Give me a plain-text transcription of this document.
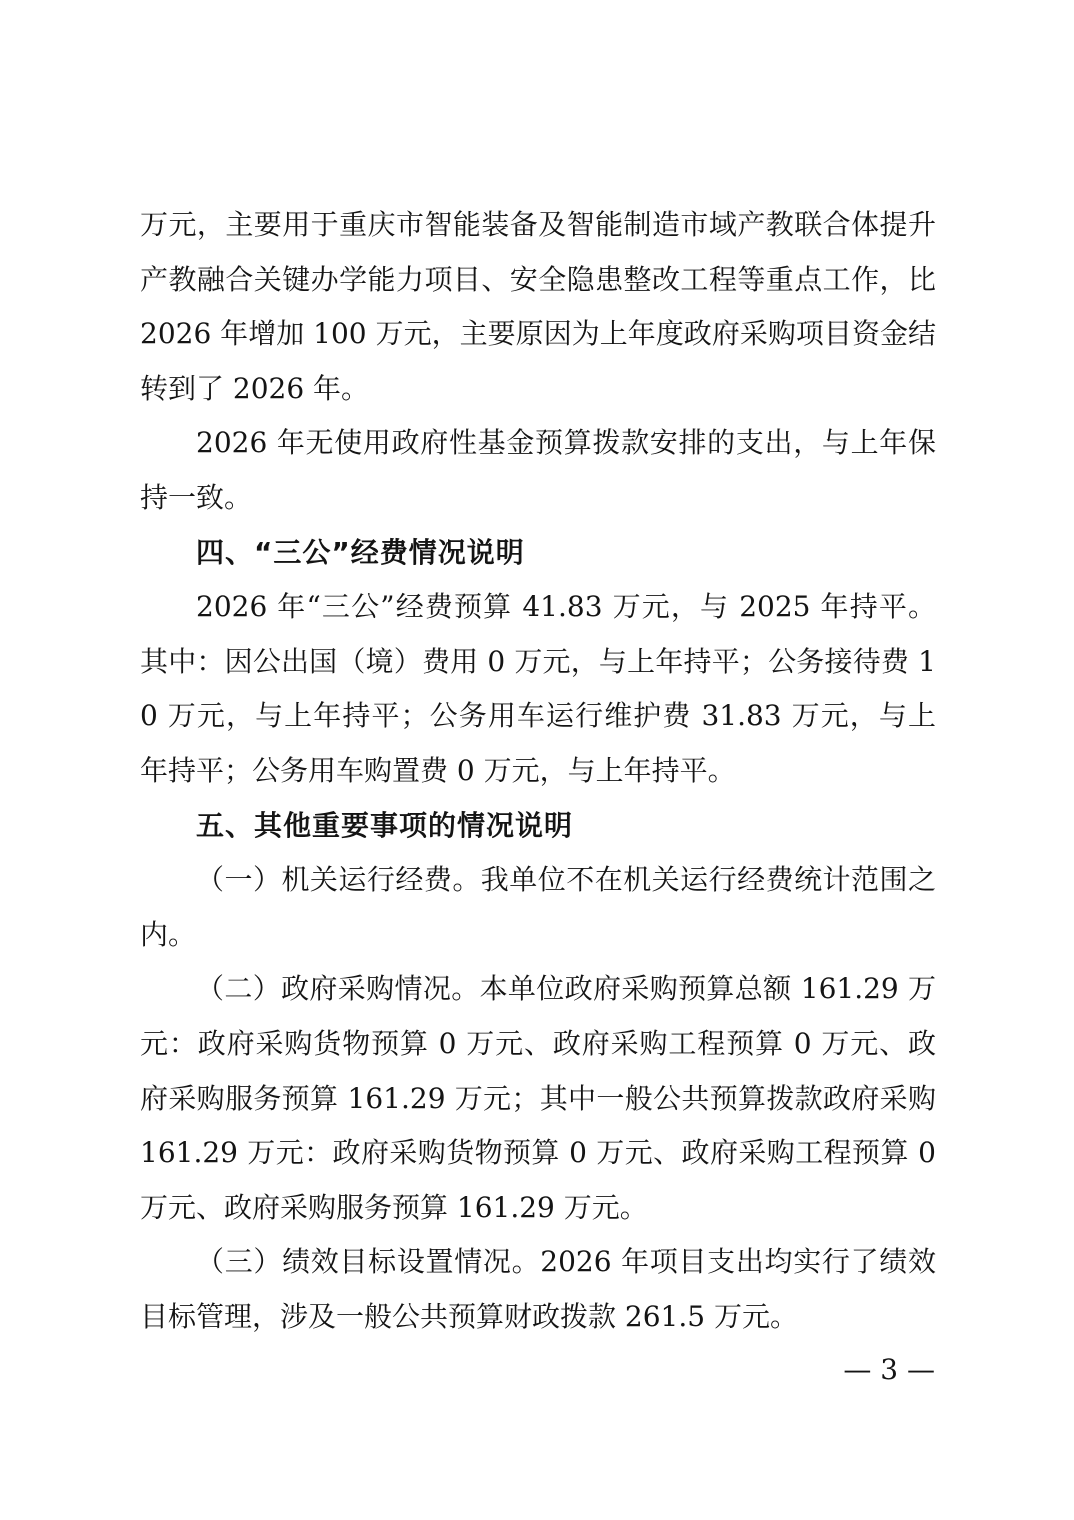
万元，主要用于重庆市智能装备及智能制造市域产教联合体提升产教融合关键办学能力项目、安全隐患整改工程等重点工作，比 2026 年增加 100 万元，主要原因为上年度政府采购项目资金结转到了 2026 年。

2026 年无使用政府性基金预算拨款安排的支出，与上年保持一致。

四、“三公”经费情况说明

2026 年“三公”经费预算 41.83 万元，与 2025 年持平。其中：因公出国（境）费用 0 万元，与上年持平；公务接待费 10 万元，与上年持平；公务用车运行维护费 31.83 万元，与上年持平；公务用车购置费 0 万元，与上年持平。

五、其他重要事项的情况说明

（一）机关运行经费。我单位不在机关运行经费统计范围之内。

（二）政府采购情况。本单位政府采购预算总额 161.29 万元：政府采购货物预算 0 万元、政府采购工程预算 0 万元、政府采购服务预算 161.29 万元；其中一般公共预算拨款政府采购 161.29 万元：政府采购货物预算 0 万元、政府采购工程预算 0 万元、政府采购服务预算 161.29 万元。

（三）绩效目标设置情况。2026 年项目支出均实行了绩效目标管理，涉及一般公共预算财政拨款 261.5 万元。

— 3 —
